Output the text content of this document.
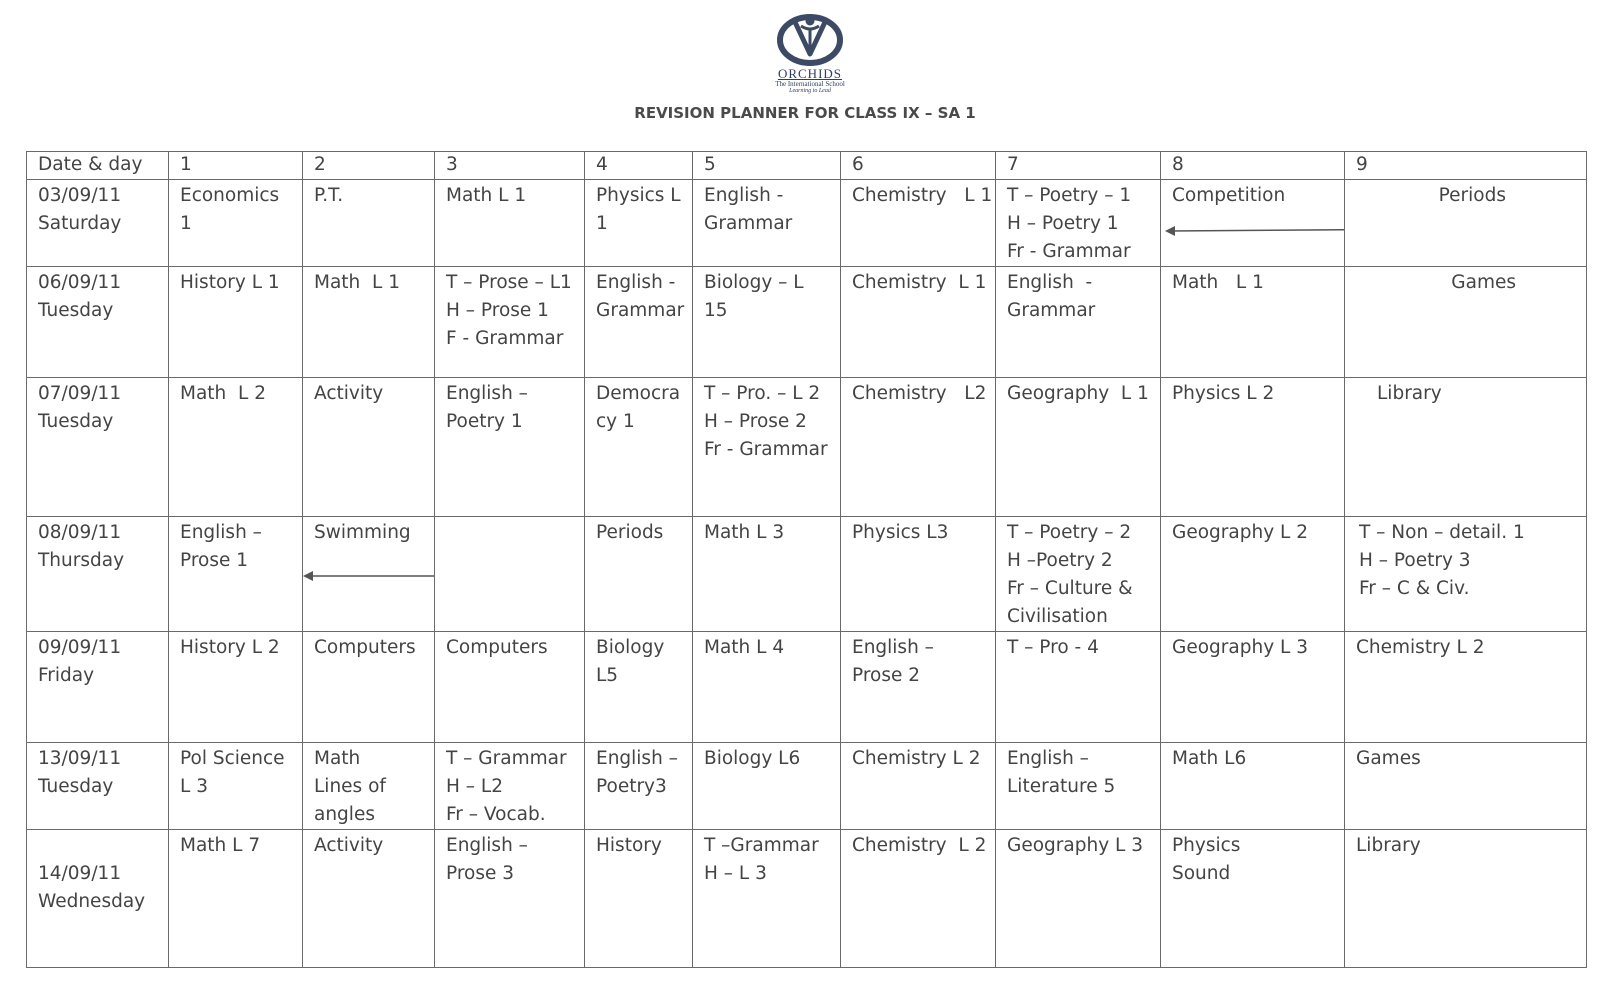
ORCHIDS
The International School
Learning to Lead
REVISION PLANNER FOR CLASS IX – SA 1
Date & day	1	2	3	4	5	6	7	8	9

03/09/11
Saturday	Economics
1	P.T.	Math L 1	Physics L
1	English -
Grammar	Chemistry   L 1	T – Poetry – 1
H – Poetry 1
Fr - Grammar	Competition	Periods

06/09/11
Tuesday	History L 1	Math  L 1	T – Prose – L1
H – Prose 1
F - Grammar	English -
Grammar	Biology – L
15	Chemistry  L 1	English  -
Grammar	Math   L 1	Games

07/09/11
Tuesday	Math  L 2	Activity	English –
Poetry 1	Democra
cy 1	T – Pro. – L 2
H – Prose 2
Fr - Grammar	Chemistry   L2	Geography  L 1	Physics L 2	Library

08/09/11
Thursday	English –
Prose 1	Swimming		Periods	Math L 3	Physics L3	T – Poetry – 2
H –Poetry 2
Fr – Culture &
Civilisation	Geography L 2	T – Non – detail. 1
H – Poetry 3
Fr – C & Civ.

09/09/11
Friday	History L 2	Computers	Computers	Biology
L5	Math L 4	English –
Prose 2	T – Pro - 4	Geography L 3	Chemistry L 2

13/09/11
Tuesday	Pol Science
L 3	Math
Lines of
angles	T – Grammar
H – L2
Fr – Vocab.	English –
Poetry3	Biology L6	Chemistry L 2	English –
Literature 5	Math L6	Games

14/09/11
Wednesday	Math L 7	Activity	English –
Prose 3	History	T –Grammar
H – L 3	Chemistry  L 2	Geography L 3	Physics
Sound	Library
